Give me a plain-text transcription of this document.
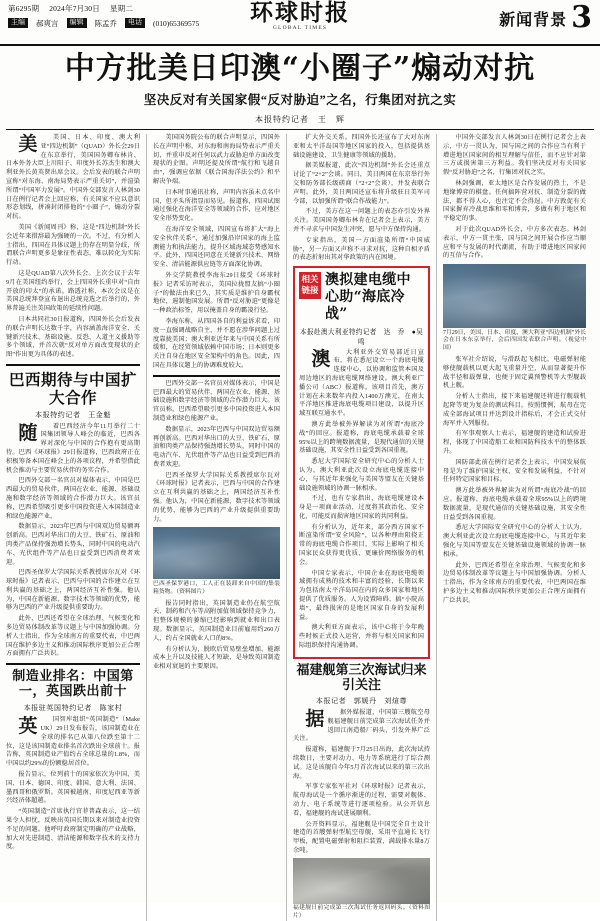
第6295期 2024年7月30日 星期二
主编	郝爽言	编辑	陈孟乔	电话	(010)65369575	环球时报
GLOBAL TIMES	新闻背景 3
中方批美日印澳“小圈子”煽动对抗
坚决反对有关国家假“反对胁迫”之名，行集团对抗之实
本报特约记者　王　辉

美 美国、日本、印度、澳大利亚“四边机制”（QUAD）外长会29日在东京举行，美国国务卿布林肯、日本外务大臣上川阳子、印度外长苏杰生和澳大利亚外长黄英贤出席会议。会后发表的联合声明宣称“对东海、南海局势表示严重关切”，并渲染所谓“中国军力发展”。中国外交部发言人林剑30日在例行记者会上回应称，有关国家不应以意识形态划线，拼凑封闭排他的“小圈子”，煽动分裂对抗。

美国《新闻周刊》称，这是“四边机制”外长会近年来措辞最为强硬的一次。不过，有分析人士指出，四国在具体议题上仍存在明显分歧，所谓联合声明更多是象征性表态，难以转化为实际行动。

这是QUAD第八次外长会。上次会议于去年9月在美国纽约举行，会上四国外长重申对“自由开放的印太”的承诺。路透社称，本次会议是在美国总统拜登宣布退出总统竞选之后举行的，外界普遍关注美国政策的延续性问题。

日本共同社30日报道称，四国外长会后发表的联合声明长达数千字，内容涵盖海洋安全、关键新兴技术、基础设施、反恐、人道主义援助等多个领域，并首次就“反对单方面改变现状的企图”作出更为具体的表述。

巴西期待与中国扩大合作
本报特约记者　王金魁

随 着巴西经济今年11月举行二十国集团领导人峰会的临近，巴西各界对深化与中国的合作抱有更高期待。巴西《环球报》29日报道称，巴西政府正在积极筹备本国在峰会上的各项议程，并希望借此机会推动与主要贸易伙伴的务实合作。

巴西外交部一名官员对媒体表示，中国是巴西最大的贸易伙伴，两国在农业、能源、基础设施和数字经济等领域的合作潜力巨大。该官员称，巴西希望吸引更多中国投资进入本国制造业和绿色能源产业。

数据显示，2023年巴西与中国双边贸易额再创新高。巴西对华出口的大豆、铁矿石、原油和肉类产品保持强劲增长势头，同时中国的电动汽车、光伏组件等产品也日益受到巴西消费者欢迎。

巴西圣保罗大学国际关系教授席尔瓦对《环球时报》记者表示，巴西与中国的合作建立在互利共赢的基础之上，两国经济互补性强。他认为，中国在新能源、数字技术等领域的优势，能够为巴西的产业升级提供重要助力。

此外，巴西还希望在全球治理、气候变化和多边贸易体制改革等议题上与中国加强协调。分析人士指出，作为全球南方的重要代表，中巴两国在维护多边主义和推动国际秩序更加公正合理方面拥有广泛共识。

制造业排名：中国第一，英国跌出前十
本报驻英国特约记者　陈家村

英 国智库组织“英国制造”（Make UK）29日发布报告，该国制造业在全球的排名已从第八位跌至第十二位，这是该国制造业排名首次跌出全球前十。报告称，英国制造业产值约占全球总量的1.8%，而中国以约29%的份额稳居首位。

报告显示，位列前十的国家依次为中国、美国、日本、德国、印度、韩国、意大利、法国、墨西哥和俄罗斯。英国被越南、印度尼西亚等新兴经济体超越。

“英国制造”首席执行官菲普森表示，这一结果令人担忧，反映出英国长期以来对制造业投资不足的问题。他呼吁政府制定明确的产业战略，加大对先进制造、清洁能源和数字技术的支持力度。

美国国务院公布的联合声明显示，四国外长在声明中称，对东海和南海局势表示严重关切，并重申反对任何以武力或胁迫单方面改变现状的企图。声明还提及所谓“航行和飞越自由”，强调应依据《联合国海洋法公约》和平解决争端。

日本时事通讯社称，声明内容虽未点名中国，但矛头所指显而易见。报道称，四国试图通过强化在海洋安全等领域的合作，应对地区安全形势变化。

在海洋安全领域，四国宣布将扩大“海上安全伙伴关系”，通过加强沿岸国家的海上监测能力和执法能力，提升区域海域态势感知水平。此外，四国还同意在关键新兴技术、网络安全、清洁能源供应链等方面深化协调。

外交学院教授李海东29日接受《环球时报》记者采访时表示，美国拉拢盟友搞“小圈子”的做法由来已久，其实质是维护自身霸权地位，遏制他国发展。所谓“反对胁迫”更像是一种政治标签，用以掩盖自身的霸凌行径。

李海东称，从四国各自的利益诉求看，印度一直强调战略自主，并不愿在涉华问题上过度靠拢美国；澳大利亚近年来与中国关系有所缓和，在经贸领域依赖中国市场；日本则更多关注自身在地区安全架构中的角色。因此，四国在具体议题上的协调难度较大。

巴西外交部一名官员对媒体表示，中国是巴西最大的贸易伙伴，两国在农业、能源、基础设施和数字经济等领域的合作潜力巨大。该官员称，巴西希望吸引更多中国投资进入本国制造业和绿色能源产业。

数据显示，2023年巴西与中国双边贸易额再创新高。巴西对华出口的大豆、铁矿石、原油和肉类产品保持强劲增长势头，同时中国的电动汽车、光伏组件等产品也日益受到巴西消费者欢迎。

巴西圣保罗大学国际关系教授席尔瓦对《环球时报》记者表示，巴西与中国的合作建立在互利共赢的基础之上，两国经济互补性强。他认为，中国在新能源、数字技术等领域的优势，能够为巴西的产业升级提供重要助力。

巴西圣保罗港口，工人正在装卸来自中国的集装箱货物。（资料图片）

报告同时指出，英国制造业仍在航空航天、制药和汽车等高附加值领域保持竞争力，但整体规模的萎缩已经影响到就业和出口表现。数据显示，英国制造业目前雇用约260万人，约占全国就业人口的8%。

有分析认为，脱欧后贸易壁垒增加、能源成本上升以及技能人才短缺，是导致英国制造业相对衰退的主要原因。

扩大外交关系。四国外长还宣布了大对东南亚和太平洋岛国等地区国家的投入，包括提供基础设施建设、卫生健康等领域的援助。

据美媒报道，此次“四边机制”外长会还重点讨论了“2+2”会谈。同日，美日两国在东京举行外交和防务部长级磋商（“2+2”会谈），并发表联合声明。此外，美日两国还宣布将升级驻日美军司令部，以加强所谓“联合作战能力”。

不过，美方在这一问题上的表态亦引发外界关注。美国国务卿布林肯在记者会上表示，美方并不寻求与中国发生冲突，愿与中方保持沟通。

专家指出，美国一方面渲染所谓“中国威胁”，另一方面又声称不寻求对抗，这种自相矛盾的表态折射出其对华政策的内在困境。

相关链接
澳拟建电缆中心助“海底冷战”
本报赴澳大利亚特约记者　达　乔　●吴　鸣

澳 大利亚外交贸易部近日宣布，将在悉尼设立一个海底电缆连接中心，以协调和监管本国及周边地区的海底电缆网络建设。澳大利亚广播公司（ABC）报道称，该项目首先，澳方计划在未来数年内投入1400万澳元，在南太平洋地区推进海底电缆项目建设，以提升区域互联互通水平。

澳方此举被外界解读为对所谓“海底冷战”的回应。报道称，海底电缆承载着全球95%以上的跨境数据流量，是现代通信的关键基础设施，其安全性日益受到各国重视。

悉尼大学国际安全研究中心的分析人士认为，澳大利亚此次设立海底电缆连接中心，与其近年来强化与美国等盟友在关键基础设施领域的协调一脉相承。

不过，也有专家指出，海底电缆建设本身是一项商业活动，过度将其政治化、安全化，可能反而损害地区国家的共同利益。

有分析认为，近年来，部分西方国家不断渲染所谓“安全风险”，以各种理由阻挠正常的海底电缆合作项目，实际上影响了相关国家民众获得更优质、更廉价网络服务的机会。

中国专家表示，中国企业在海底电缆领域拥有成熟的技术和丰富的经验，长期以来为包括南太平洋岛国在内的众多国家和地区提供了优质服务。人为设置障碍、搞“小院高墙”，最终损害的是地区国家自身的发展利益。

澳大利亚方面表示，该中心将于今年晚些时候正式投入运营，并将与相关国家和国际组织保持沟通协调。

福建舰第三次海试归来引关注
本报记者　郭媛丹　刘煊尊

据 据外媒报道，中国第三艘航空母舰福建舰日前完成第三次海试任务并返回江南造船厂码头，引发外界广泛关注。

报道称，福建舰于7月25日出海，此次海试持续数日，主要对动力、电力等系统进行了综合测试。这是该舰自今年5月首次海试以来的第三次出海。

军事专家张军社对《环球时报》记者表示，航母海试是一个循序渐进的过程，需要对舰体、动力、电子系统等进行逐项检验。从公开信息看，福建舰的海试进展顺利。

公开资料显示，福建舰是中国完全自主设计建造的首艘弹射型航空母舰，采用平直通长飞行甲板，配置电磁弹射和阻拦装置，满载排水量8万余吨。

福建舰日前完成第三次海试任务返回码头。（资料图片）

中国外交部发言人林剑30日在例行记者会上表示，中方一贯认为，国与国之间的合作应当有利于增进地区国家间的相互理解与信任，而不应针对第三方或损害第三方利益。我们坚决反对有关国家假“反对胁迫”之名，行集团对抗之实。

林剑强调，亚太地区是合作发展的热土，不是地缘博弈的棋盘。任何搞阵营对抗、制造分裂的做法，都不得人心，也注定不会得逞。中方敦促有关国家摒弃冷战思维和零和博弈，多做有利于地区和平稳定的事。

对于此次QUAD外长会，中方多次表态。林剑表示，中方一贯主张，国与国之间开展合作应当顺应和平与发展的时代潮流，有助于增进地区国家间的互信与合作。

7月29日，美国、日本、印度、澳大利亚“四边机制”外长会在日本东京举行，会后四国发表联合声明。（视觉中国）

张军社介绍说，与滑跃起飞相比，电磁弹射能够使舰载机以更大起飞重量升空，从而显著提升作战半径和载弹量，也便于固定翼预警机等大型舰载机上舰。

分析人士指出，接下来福建舰还将进行舰载机起降等更为复杂的测试科目。按照惯例，航母在完成全部海试项目并达到设计指标后，才会正式交付海军并入列服役。

有军事观察人士表示，福建舰的建造和试验进程，体现了中国造船工业和国防科技水平的整体跃升。

国防部此前在例行记者会上表示，中国发展航母是为了维护国家主权、安全和发展利益，不针对任何特定国家和目标。

澳方此举被外界解读为对所谓“海底冷战”的回应。报道称，海底电缆承载着全球95%以上的跨境数据流量，是现代通信的关键基础设施，其安全性日益受到各国重视。

悉尼大学国际安全研究中心的分析人士认为，澳大利亚此次设立海底电缆连接中心，与其近年来强化与美国等盟友在关键基础设施领域的协调一脉相承。

此外，巴西还希望在全球治理、气候变化和多边贸易体制改革等议题上与中国加强协调。分析人士指出，作为全球南方的重要代表，中巴两国在维护多边主义和推动国际秩序更加公正合理方面拥有广泛共识。
